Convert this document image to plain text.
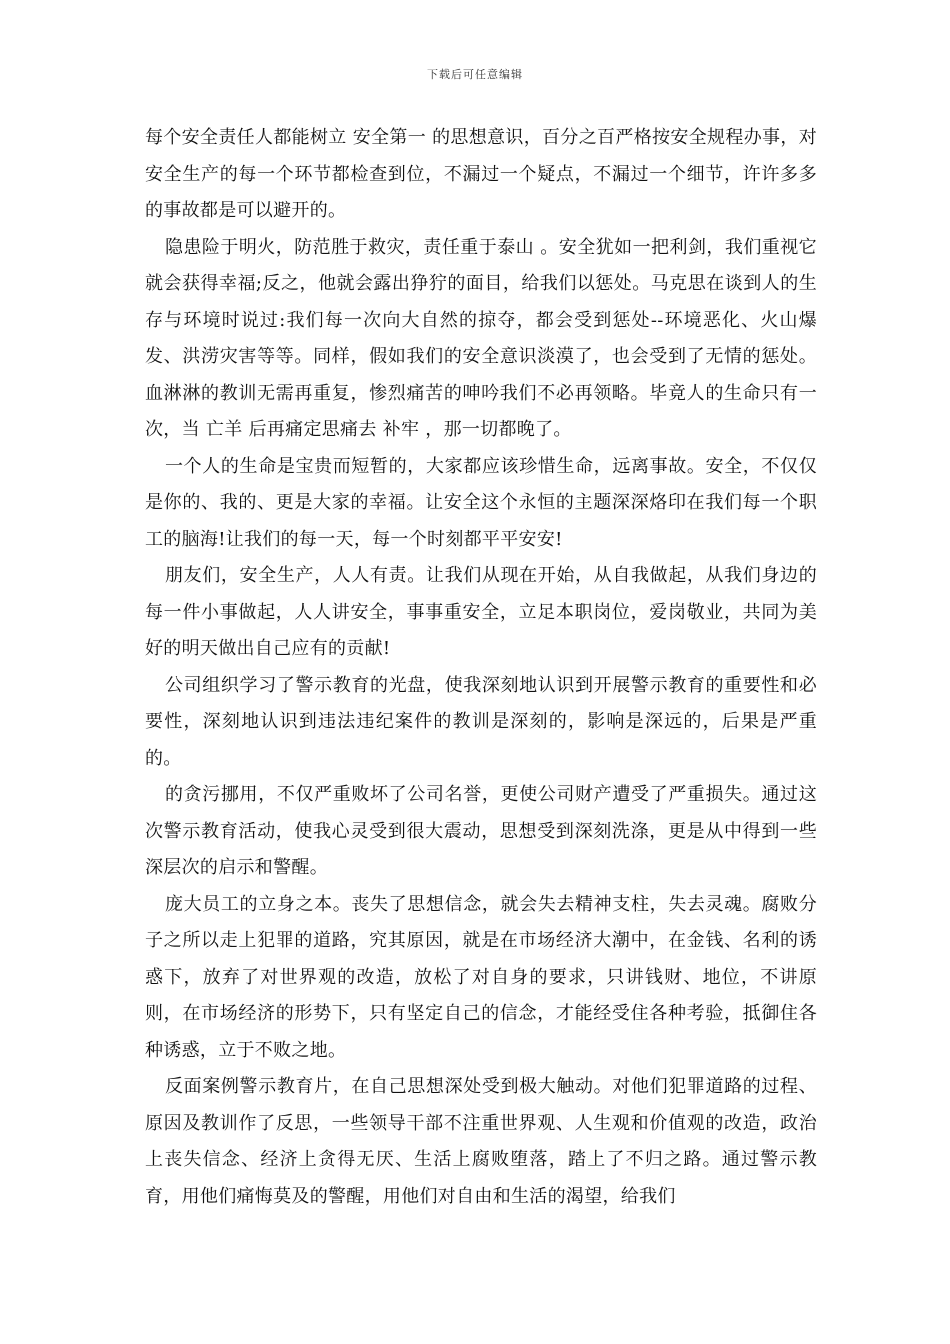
下载后可任意编辑

每个安全责任人都能树立 安全第一 的思想意识，百分之百严格按安全规程办事，对安全生产的每一个环节都检查到位，不漏过一个疑点，不漏过一个细节，许许多多的事故都是可以避开的。

隐患险于明火，防范胜于救灾，责任重于泰山 。安全犹如一把利剑，我们重视它就会获得幸福;反之，他就会露出狰狞的面目，给我们以惩处。马克思在谈到人的生存与环境时说过:我们每一次向大自然的掠夺，都会受到惩处--环境恶化、火山爆发、洪涝灾害等等。同样，假如我们的安全意识淡漠了，也会受到了无情的惩处。血淋淋的教训无需再重复，惨烈痛苦的呻吟我们不必再领略。毕竟人的生命只有一次，当 亡羊 后再痛定思痛去 补牢 ，那一切都晚了。

一个人的生命是宝贵而短暂的，大家都应该珍惜生命，远离事故。安全，不仅仅是你的、我的、更是大家的幸福。让安全这个永恒的主题深深烙印在我们每一个职工的脑海!让我们的每一天，每一个时刻都平平安安!

朋友们，安全生产，人人有责。让我们从现在开始，从自我做起，从我们身边的每一件小事做起，人人讲安全，事事重安全，立足本职岗位，爱岗敬业，共同为美好的明天做出自己应有的贡献!

公司组织学习了警示教育的光盘，使我深刻地认识到开展警示教育的重要性和必要性，深刻地认识到违法违纪案件的教训是深刻的，影响是深远的，后果是严重的。

的贪污挪用，不仅严重败坏了公司名誉，更使公司财产遭受了严重损失。通过这次警示教育活动，使我心灵受到很大震动，思想受到深刻洗涤，更是从中得到一些深层次的启示和警醒。

庞大员工的立身之本。丧失了思想信念，就会失去精神支柱，失去灵魂。腐败分子之所以走上犯罪的道路，究其原因，就是在市场经济大潮中，在金钱、名利的诱惑下，放弃了对世界观的改造，放松了对自身的要求，只讲钱财、地位，不讲原则，在市场经济的形势下，只有坚定自己的信念，才能经受住各种考验，抵御住各种诱惑，立于不败之地。

反面案例警示教育片，在自己思想深处受到极大触动。对他们犯罪道路的过程、原因及教训作了反思，一些领导干部不注重世界观、人生观和价值观的改造，政治上丧失信念、经济上贪得无厌、生活上腐败堕落，踏上了不归之路。通过警示教育，用他们痛悔莫及的警醒，用他们对自由和生活的渴望，给我们
